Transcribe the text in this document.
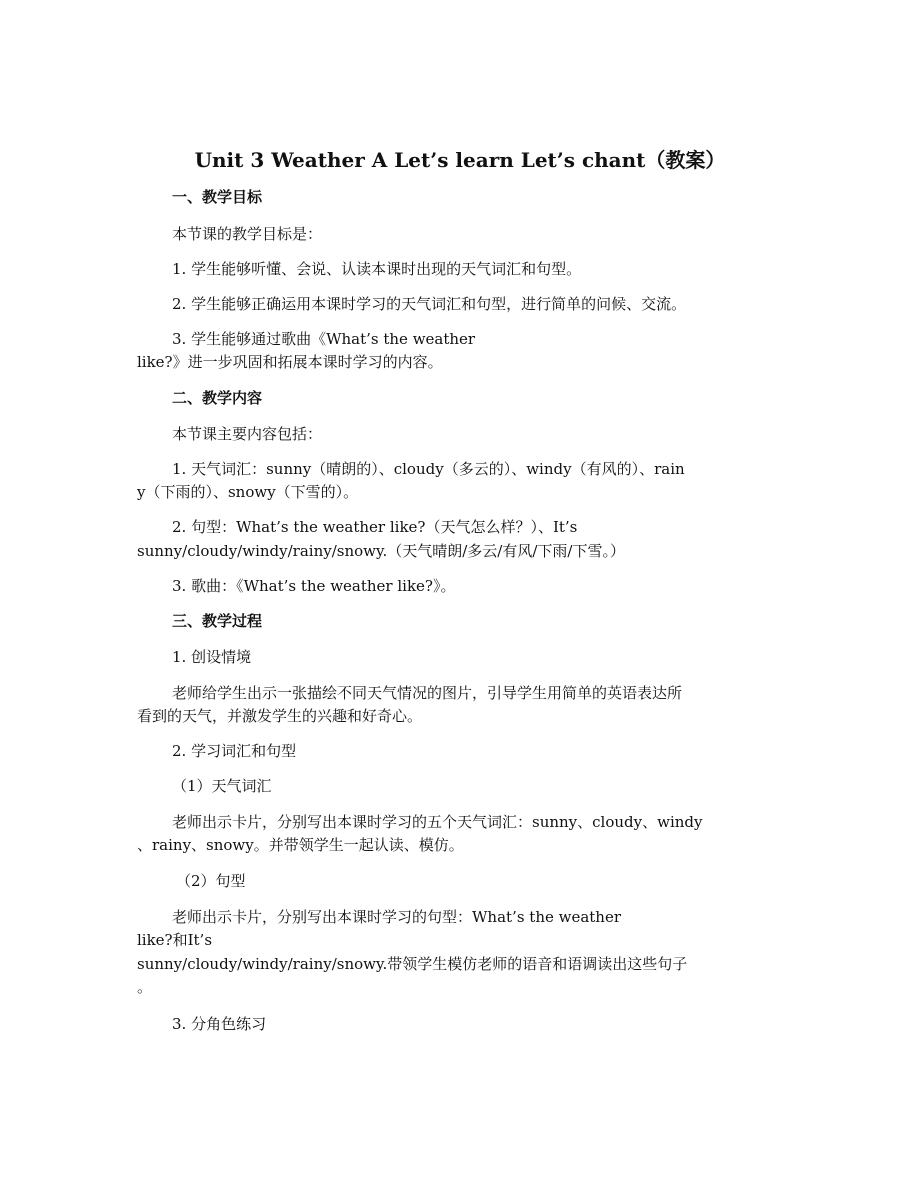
Unit 3 Weather A Let’s learn Let’s chant（教案）
一、教学目标
本节课的教学目标是：
1. 学生能够听懂、会说、认读本课时出现的天气词汇和句型。
2. 学生能够正确运用本课时学习的天气词汇和句型，进行简单的问候、交流。
3. 学生能够通过歌曲《What’s the weather
like?》进一步巩固和拓展本课时学习的内容。
二、教学内容
本节课主要内容包括：
1. 天气词汇：sunny（晴朗的）、cloudy（多云的）、windy（有风的）、rain
y（下雨的）、snowy（下雪的）。
2. 句型：What’s the weather like?（天气怎么样？）、It’s
sunny/cloudy/windy/rainy/snowy.（天气晴朗/多云/有风/下雨/下雪。）
3. 歌曲：《What’s the weather like?》。
三、教学过程
1. 创设情境
老师给学生出示一张描绘不同天气情况的图片，引导学生用简单的英语表达所
看到的天气，并激发学生的兴趣和好奇心。
2. 学习词汇和句型
（1）天气词汇
老师出示卡片，分别写出本课时学习的五个天气词汇：sunny、cloudy、windy
、rainy、snowy。并带领学生一起认读、模仿。
（2）句型
老师出示卡片，分别写出本课时学习的句型：What’s the weather
like?和It’s
sunny/cloudy/windy/rainy/snowy.带领学生模仿老师的语音和语调读出这些句子
。
3. 分角色练习
